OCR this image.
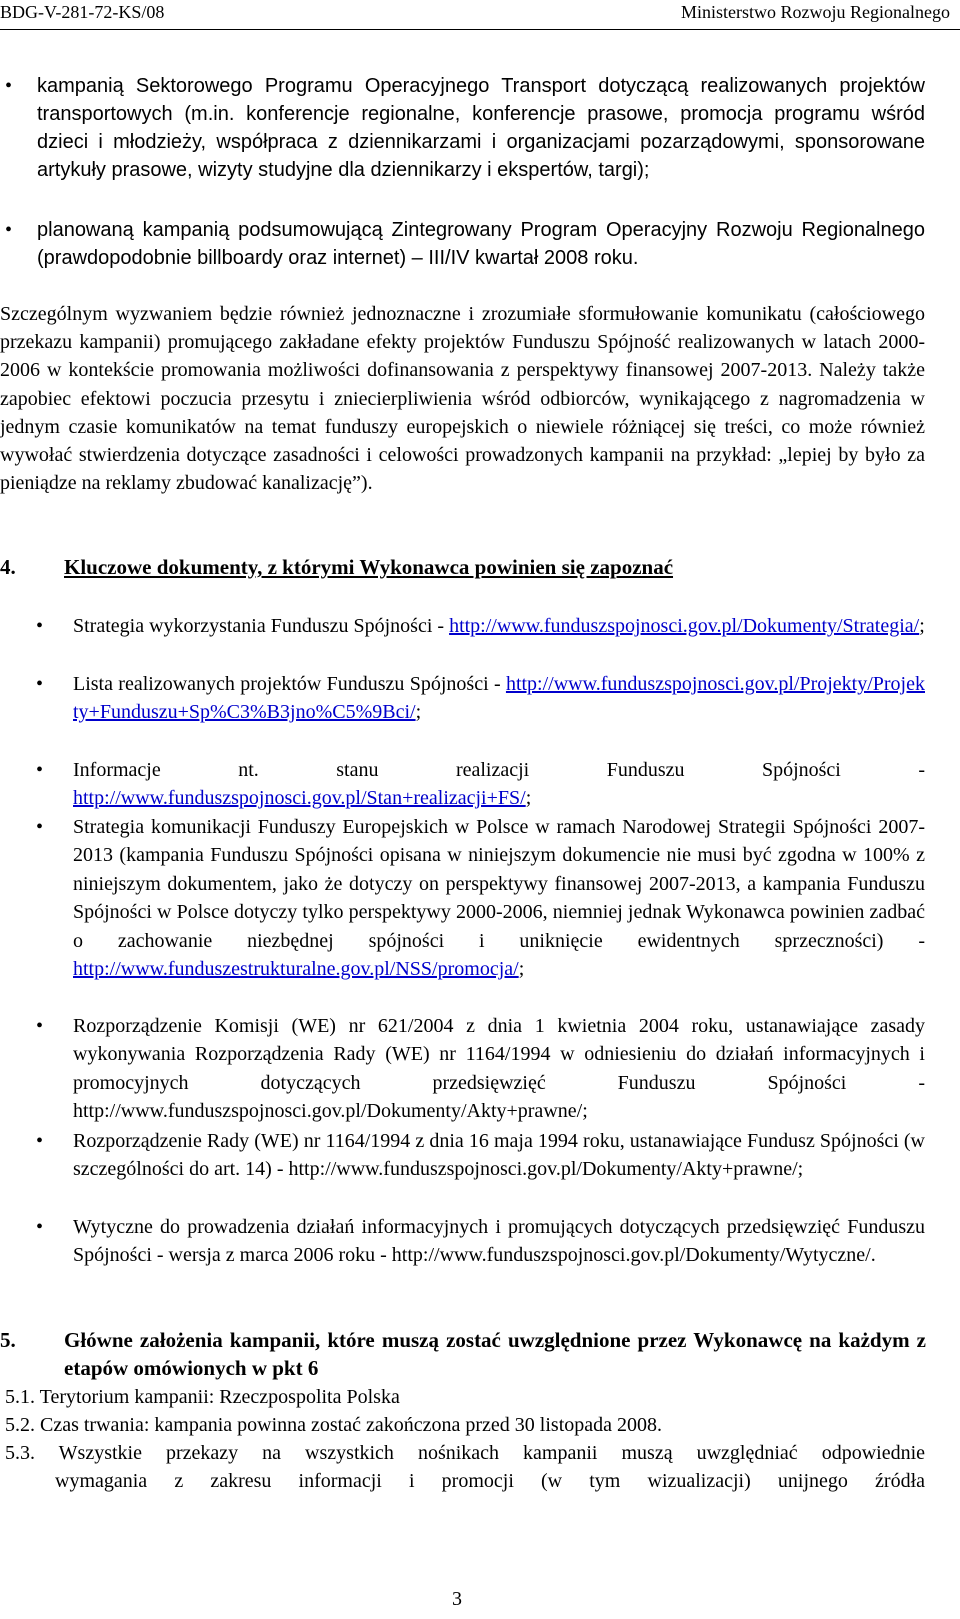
BDG-V-281-72-KS/08	Ministerstwo Rozwoju Regionalnego
• kampanią Sektorowego Programu Operacyjnego Transport dotyczącą realizowanych projektów transportowych (m.in. konferencje regionalne, konferencje prasowe, promocja programu wśród dzieci i młodzieży, współpraca z dziennikarzami i organizacjami pozarządowymi, sponsorowane artykuły prasowe, wizyty studyjne dla dziennikarzy i ekspertów, targi);
• planowaną kampanią podsumowującą Zintegrowany Program Operacyjny Rozwoju Regionalnego (prawdopodobnie billboardy oraz internet) – III/IV kwartał 2008 roku.
Szczególnym wyzwaniem będzie również jednoznaczne i zrozumiałe sformułowanie komunikatu (całościowego przekazu kampanii) promującego zakładane efekty projektów Funduszu Spójność realizowanych w latach 2000-2006 w kontekście promowania możliwości dofinansowania z perspektywy finansowej 2007-2013. Należy także zapobiec efektowi poczucia przesytu i zniecierpliwienia wśród odbiorców, wynikającego z nagromadzenia w jednym czasie komunikatów na temat funduszy europejskich o niewiele różniącej się treści, co może również wywołać stwierdzenia dotyczące zasadności i celowości prowadzonych kampanii na przykład: „lepiej by było za pieniądze na reklamy zbudować kanalizację”).
4. Kluczowe dokumenty, z którymi Wykonawca powinien się zapoznać
• Strategia wykorzystania Funduszu Spójności - http://www.funduszspojnosci.gov.pl/Dokumenty/Strategia/;
• Lista realizowanych projektów Funduszu Spójności - http://www.funduszspojnosci.gov.pl/Projekty/Projekty+Funduszu+Sp%C3%B3jno%C5%9Bci/;
• Informacje nt. stanu realizacji Funduszu Spójności - http://www.funduszspojnosci.gov.pl/Stan+realizacji+FS/;
• Strategia komunikacji Funduszy Europejskich w Polsce w ramach Narodowej Strategii Spójności 2007-2013 (kampania Funduszu Spójności opisana w niniejszym dokumencie nie musi być zgodna w 100% z niniejszym dokumentem, jako że dotyczy on perspektywy finansowej 2007-2013, a kampania Funduszu Spójności w Polsce dotyczy tylko perspektywy 2000-2006, niemniej jednak Wykonawca powinien zadbać o zachowanie niezbędnej spójności i uniknięcie ewidentnych sprzeczności) - http://www.funduszestrukturalne.gov.pl/NSS/promocja/;
• Rozporządzenie Komisji (WE) nr 621/2004 z dnia 1 kwietnia 2004 roku, ustanawiające zasady wykonywania Rozporządzenia Rady (WE) nr 1164/1994 w odniesieniu do działań informacyjnych i promocyjnych dotyczących przedsięwzięć Funduszu Spójności - http://www.funduszspojnosci.gov.pl/Dokumenty/Akty+prawne/;
• Rozporządzenie Rady (WE) nr 1164/1994 z dnia 16 maja 1994 roku, ustanawiające Fundusz Spójności (w szczególności do art. 14) - http://www.funduszspojnosci.gov.pl/Dokumenty/Akty+prawne/;
• Wytyczne do prowadzenia działań informacyjnych i promujących dotyczących przedsięwzięć Funduszu Spójności - wersja z marca 2006 roku - http://www.funduszspojnosci.gov.pl/Dokumenty/Wytyczne/.
5. Główne założenia kampanii, które muszą zostać uwzględnione przez Wykonawcę na każdym z etapów omówionych w pkt 6
5.1. Terytorium kampanii: Rzeczpospolita Polska
5.2. Czas trwania: kampania powinna zostać zakończona przed 30 listopada 2008.
5.3. Wszystkie przekazy na wszystkich nośnikach kampanii muszą uwzględniać odpowiednie
wymagania z zakresu informacji i promocji (w tym wizualizacji) unijnego źródła
3
